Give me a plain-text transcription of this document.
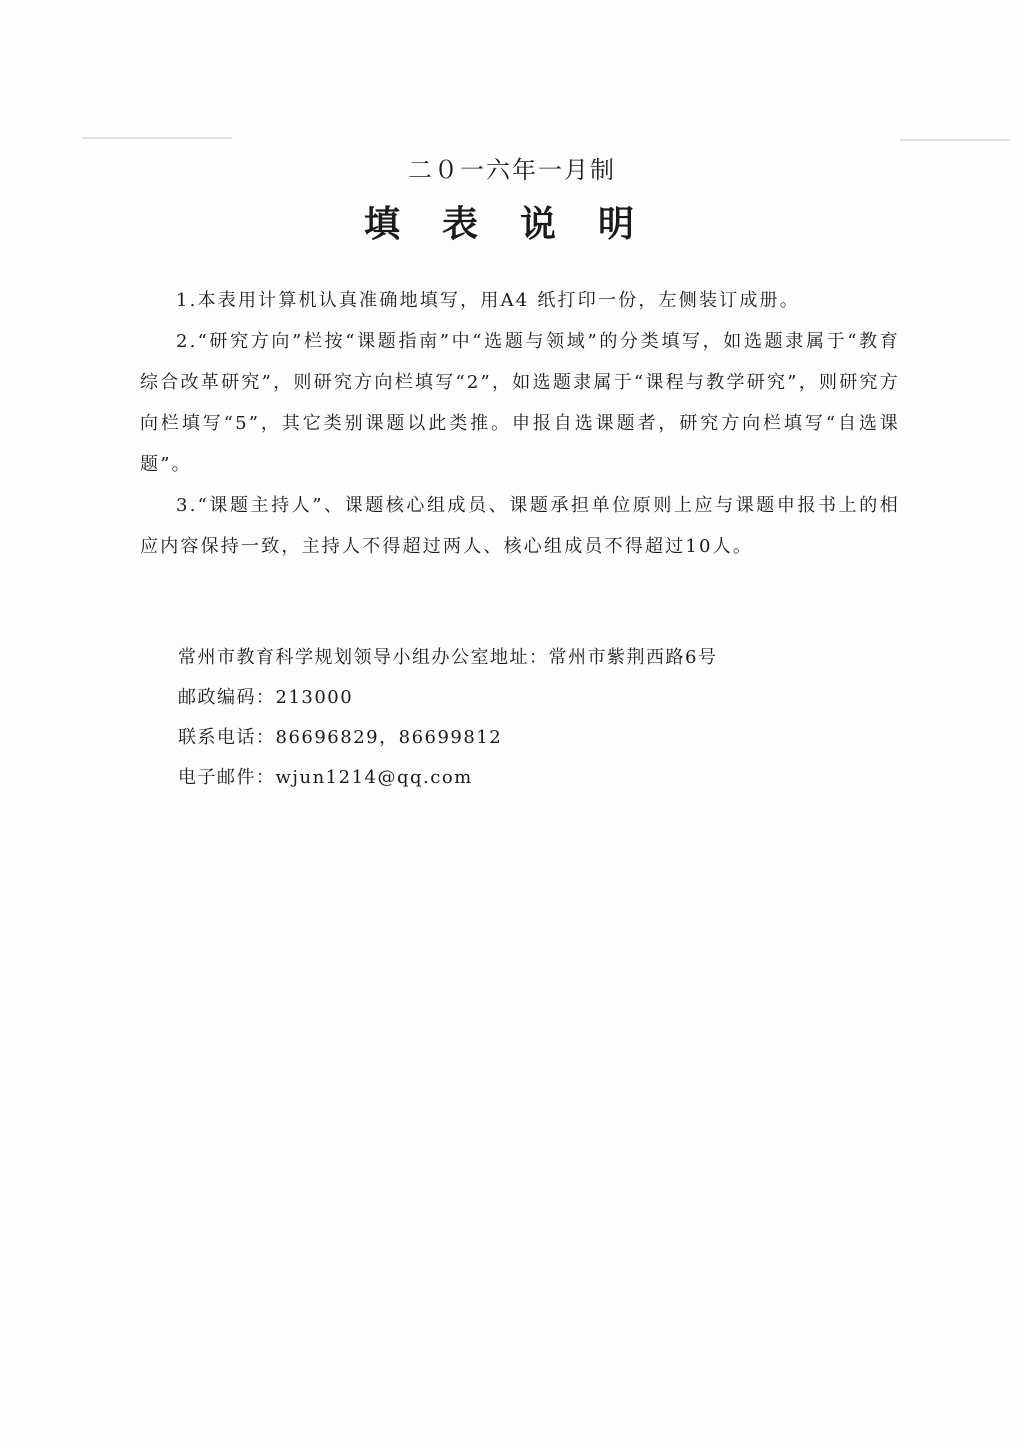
二０一六年一月制
填表说明

1.本表用计算机认真准确地填写，用A4 纸打印一份，左侧装订成册。

2.“研究方向”栏按“课题指南”中“选题与领域”的分类填写，如选题隶属于“教育综合改革研究”，则研究方向栏填写“2”，如选题隶属于“课程与教学研究”，则研究方向栏填写“5”，其它类别课题以此类推。申报自选课题者，研究方向栏填写“自选课题”。

3.“课题主持人”、课题核心组成员、课题承担单位原则上应与课题申报书上的相应内容保持一致，主持人不得超过两人、核心组成员不得超过10人。

常州市教育科学规划领导小组办公室地址：常州市紫荆西路6号
邮政编码：213000
联系电话：86696829，86699812
电子邮件：wjun1214@qq.com
